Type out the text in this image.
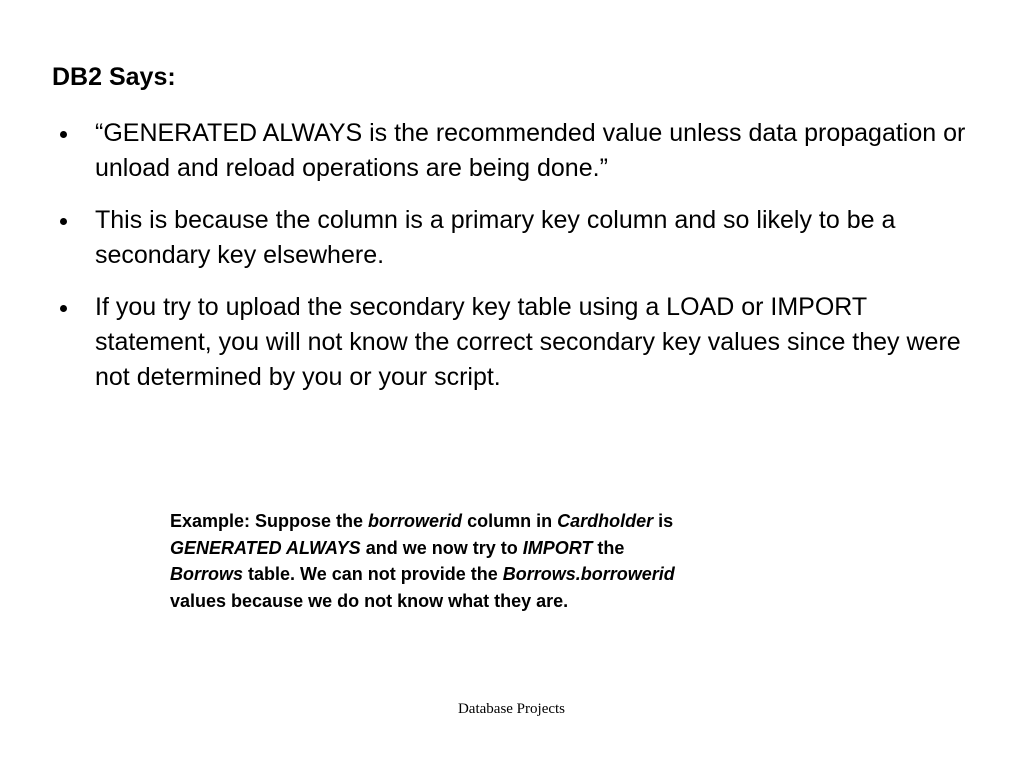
DB2 Says:
“GENERATED ALWAYS is the recommended value unless data propagation or unload and reload operations are being done.”
This is because the column is a primary key column and so likely to be a secondary key elsewhere.
If you try to upload the secondary key table using a LOAD or IMPORT statement, you will not know the correct secondary key values since they were not determined by you or your script.

Example: Suppose the borrowerid column in Cardholder is
GENERATED ALWAYS and we now try to IMPORT the
Borrows table. We can not provide the Borrows.borrowerid
values because we do not know what they are.

Database Projects
